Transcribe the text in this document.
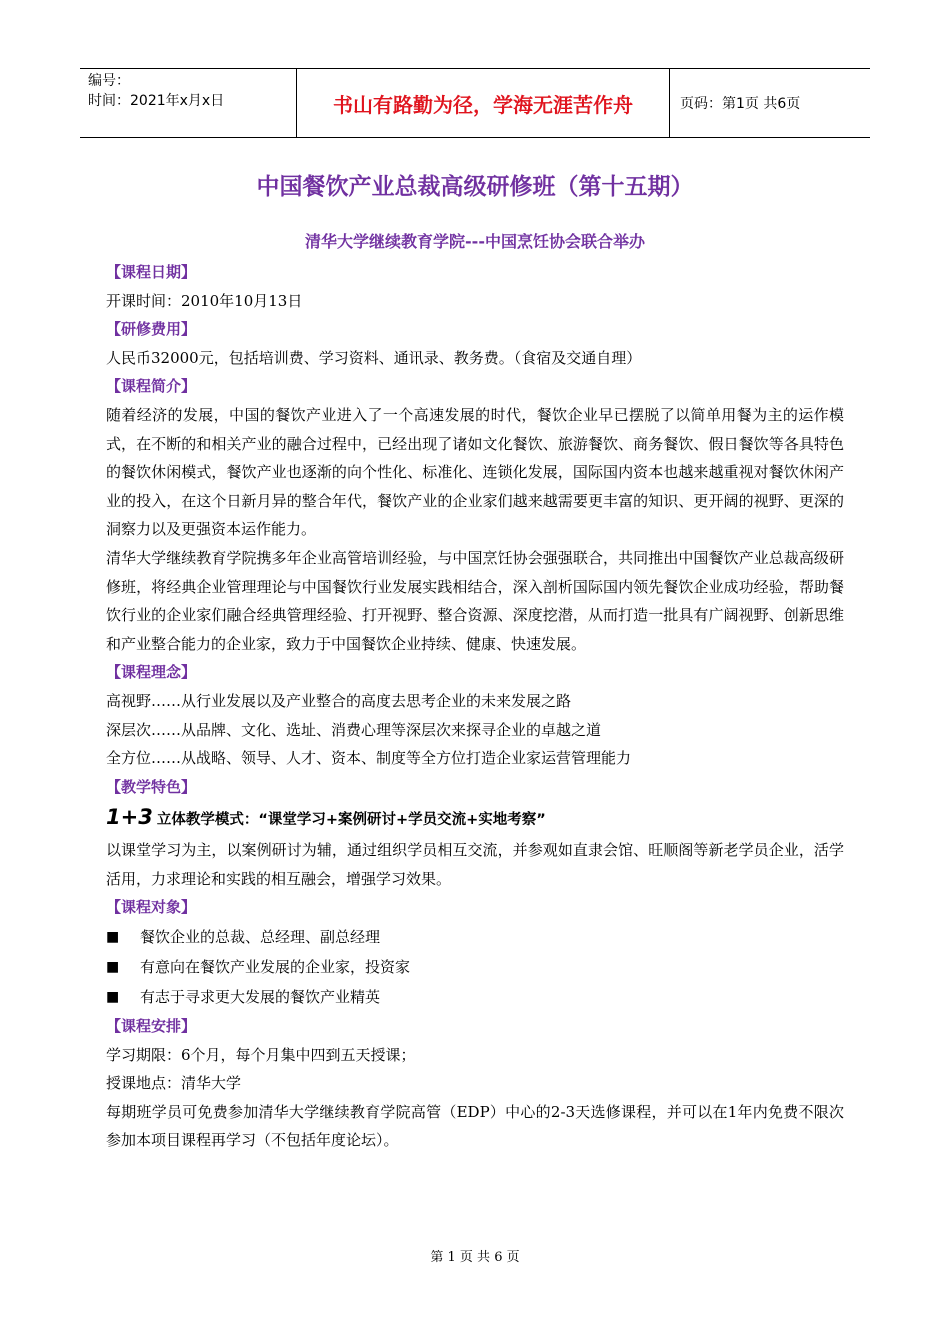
编号：
时间：2021年x月x日	书山有路勤为径，学海无涯苦作舟	页码：第1页 共6页
中国餐饮产业总裁高级研修班（第十五期）
清华大学继续教育学院---中国烹饪协会联合举办

【课程日期】

开课时间：2010年10月13日

【研修费用】

人民币32000元，包括培训费、学习资料、通讯录、教务费。（食宿及交通自理）

【课程简介】

随着经济的发展，中国的餐饮产业进入了一个高速发展的时代，餐饮企业早已摆脱了以简单用餐为主的运作模式，在不断的和相关产业的融合过程中，已经出现了诸如文化餐饮、旅游餐饮、商务餐饮、假日餐饮等各具特色的餐饮休闲模式，餐饮产业也逐渐的向个性化、标准化、连锁化发展，国际国内资本也越来越重视对餐饮休闲产业的投入，在这个日新月异的整合年代，餐饮产业的企业家们越来越需要更丰富的知识、更开阔的视野、更深的洞察力以及更强资本运作能力。

清华大学继续教育学院携多年企业高管培训经验，与中国烹饪协会强强联合，共同推出中国餐饮产业总裁高级研修班，将经典企业管理理论与中国餐饮行业发展实践相结合，深入剖析国际国内领先餐饮企业成功经验，帮助餐饮行业的企业家们融合经典管理经验、打开视野、整合资源、深度挖潜，从而打造一批具有广阔视野、创新思维和产业整合能力的企业家，致力于中国餐饮企业持续、健康、快速发展。

【课程理念】

高视野……从行业发展以及产业整合的高度去思考企业的未来发展之路

深层次……从品牌、文化、选址、消费心理等深层次来探寻企业的卓越之道

全方位……从战略、领导、人才、资本、制度等全方位打造企业家运营管理能力

【教学特色】

1+3 立体教学模式：“课堂学习+案例研讨+学员交流+实地考察”

以课堂学习为主，以案例研讨为辅，通过组织学员相互交流，并参观如直隶会馆、旺顺阁等新老学员企业，活学活用，力求理论和实践的相互融会，增强学习效果。

【课程对象】

■	餐饮企业的总裁、总经理、副总经理
■	有意向在餐饮产业发展的企业家，投资家
■	有志于寻求更大发展的餐饮产业精英

【课程安排】

学习期限：6个月，每个月集中四到五天授课；

授课地点：清华大学

每期班学员可免费参加清华大学继续教育学院高管（EDP）中心的2-3天选修课程，并可以在1年内免费不限次参加本项目课程再学习（不包括年度论坛）。

第 1 页 共 6 页
